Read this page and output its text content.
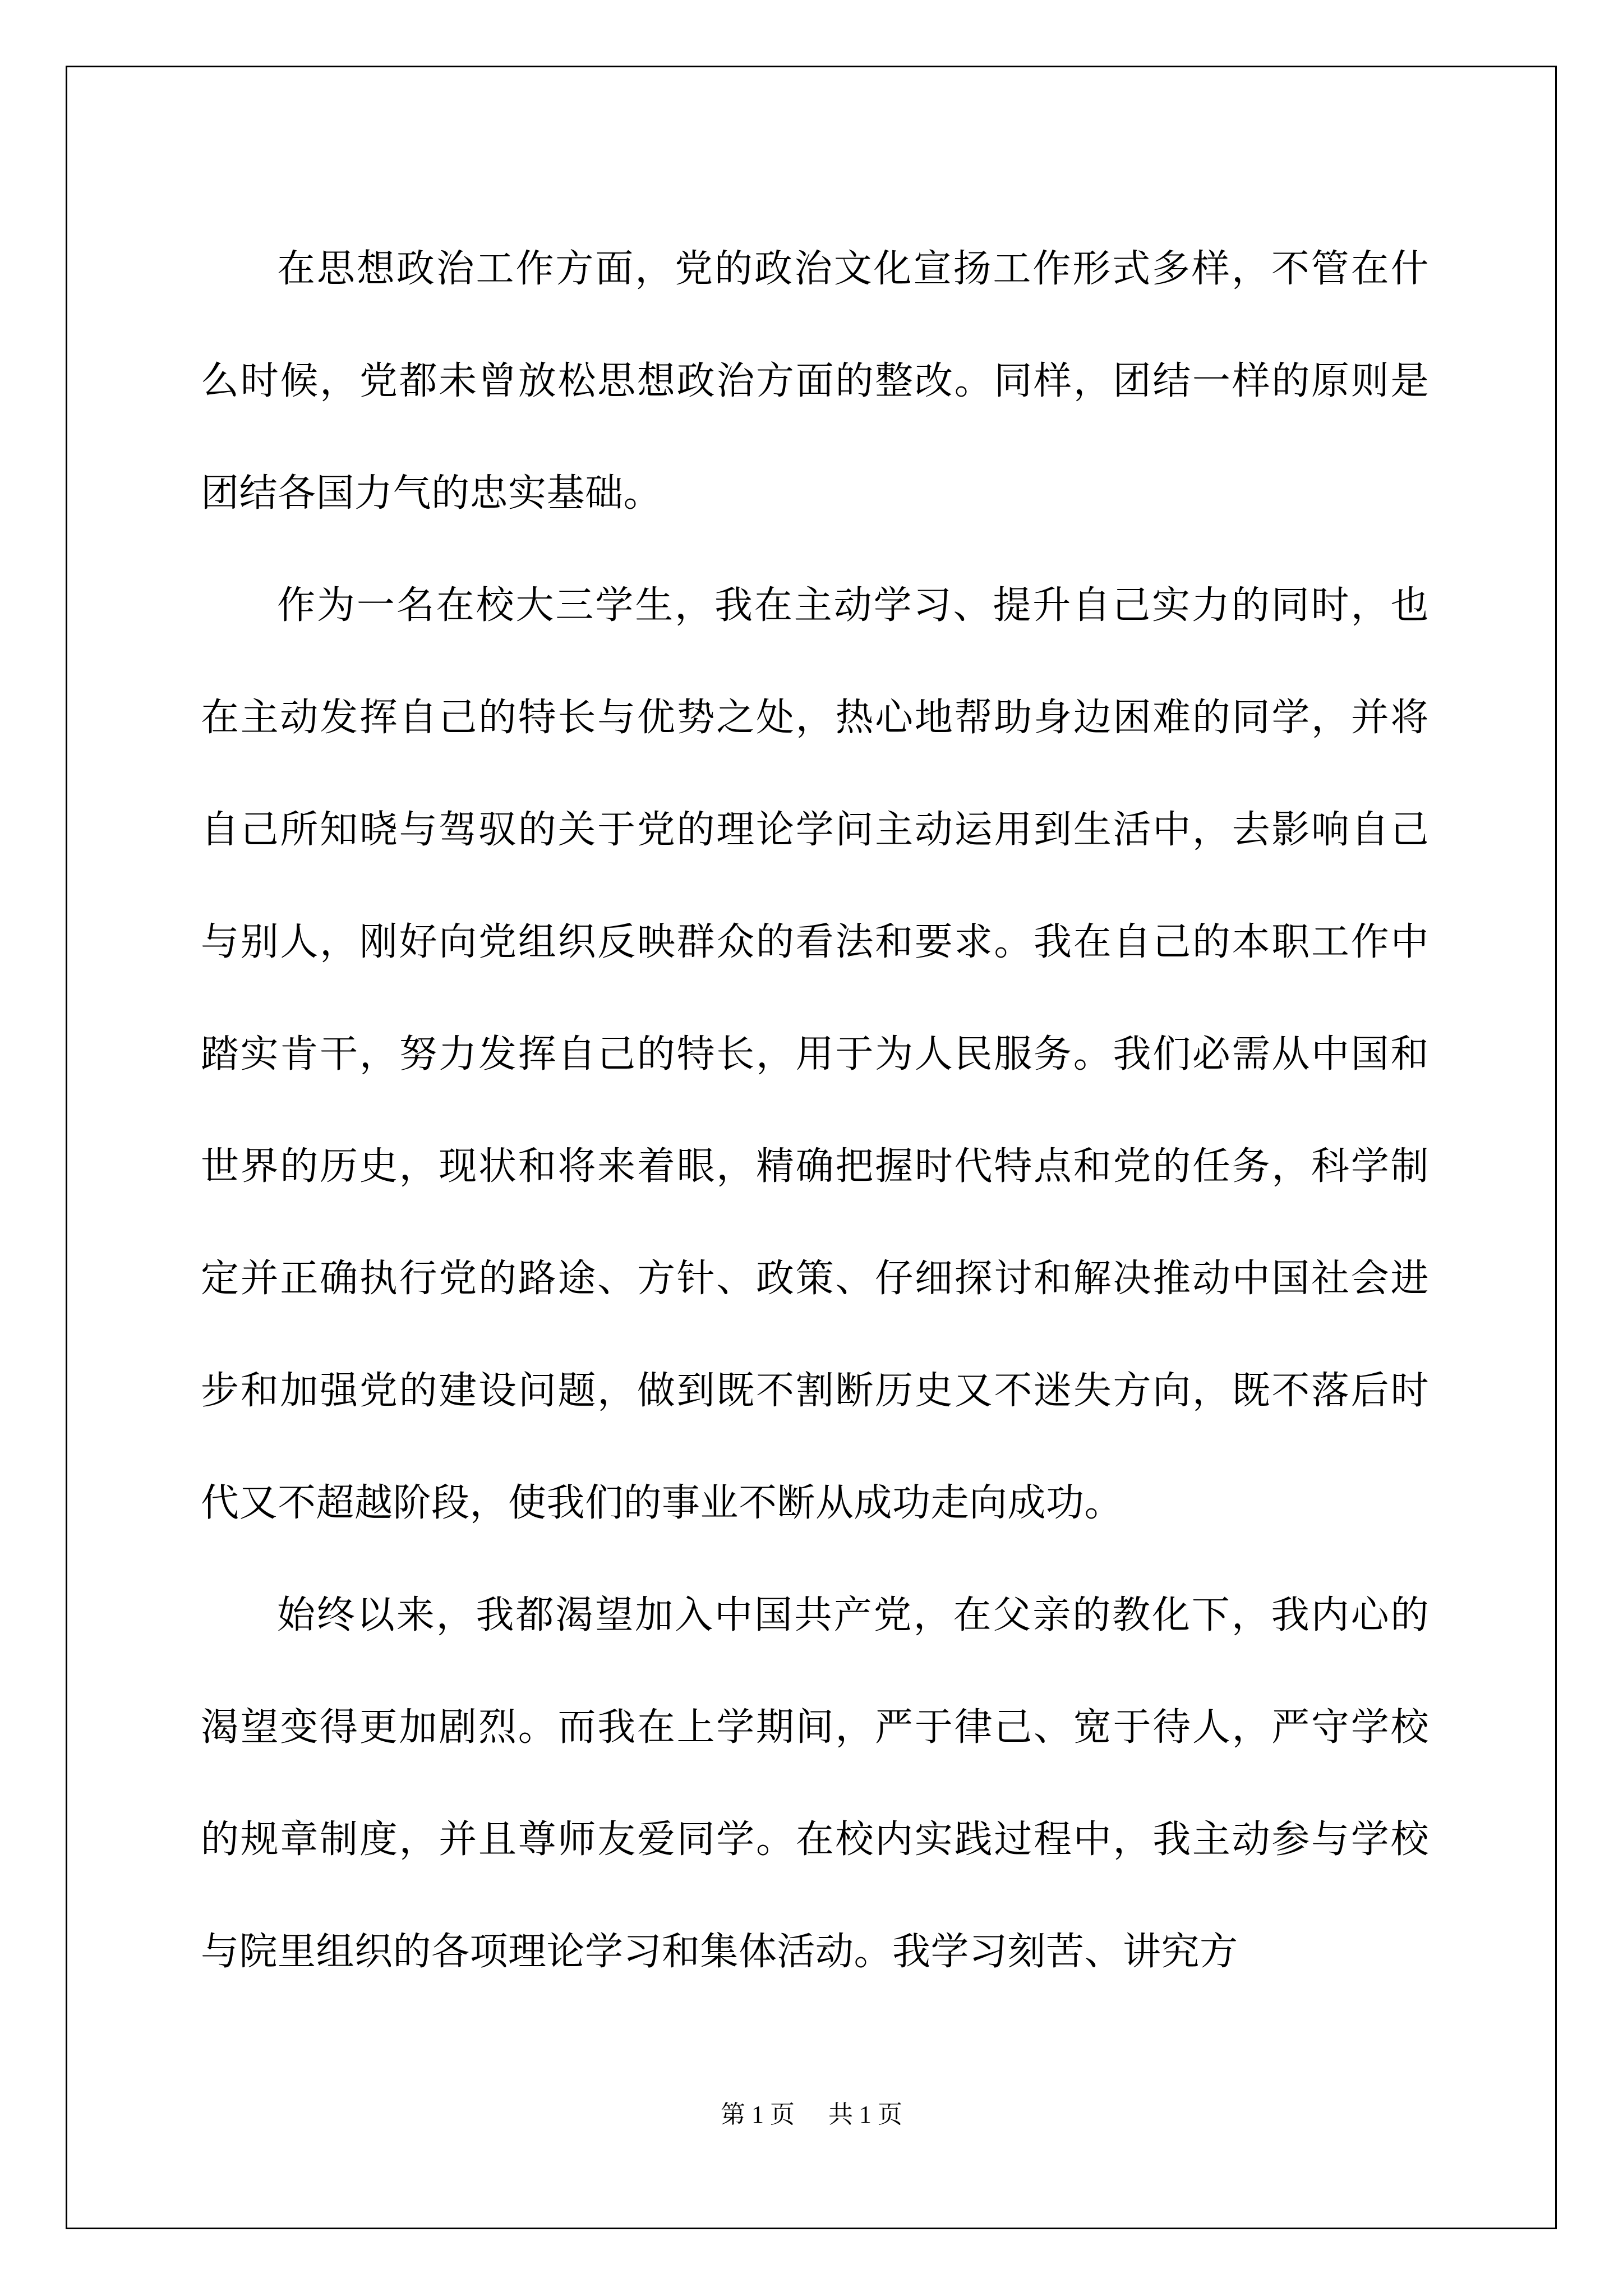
在思想政治工作方面，党的政治文化宣扬工作形式多样，不管在什么时候，党都未曾放松思想政治方面的整改。同样，团结一样的原则是团结各国力气的忠实基础。

作为一名在校大三学生，我在主动学习、提升自己实力的同时，也在主动发挥自己的特长与优势之处，热心地帮助身边困难的同学，并将自己所知晓与驾驭的关于党的理论学问主动运用到生活中，去影响自己与别人，刚好向党组织反映群众的看法和要求。我在自己的本职工作中踏实肯干，努力发挥自己的特长，用于为人民服务。我们必需从中国和世界的历史，现状和将来着眼，精确把握时代特点和党的任务，科学制定并正确执行党的路途、方针、政策、仔细探讨和解决推动中国社会进步和加强党的建设问题，做到既不割断历史又不迷失方向，既不落后时代又不超越阶段，使我们的事业不断从成功走向成功。

始终以来，我都渴望加入中国共产党，在父亲的教化下，我内心的渴望变得更加剧烈。而我在上学期间，严于律己、宽于待人，严守学校的规章制度，并且尊师友爱同学。在校内实践过程中，我主动参与学校与院里组织的各项理论学习和集体活动。我学习刻苦、讲究方

第 1 页 共 1 页
